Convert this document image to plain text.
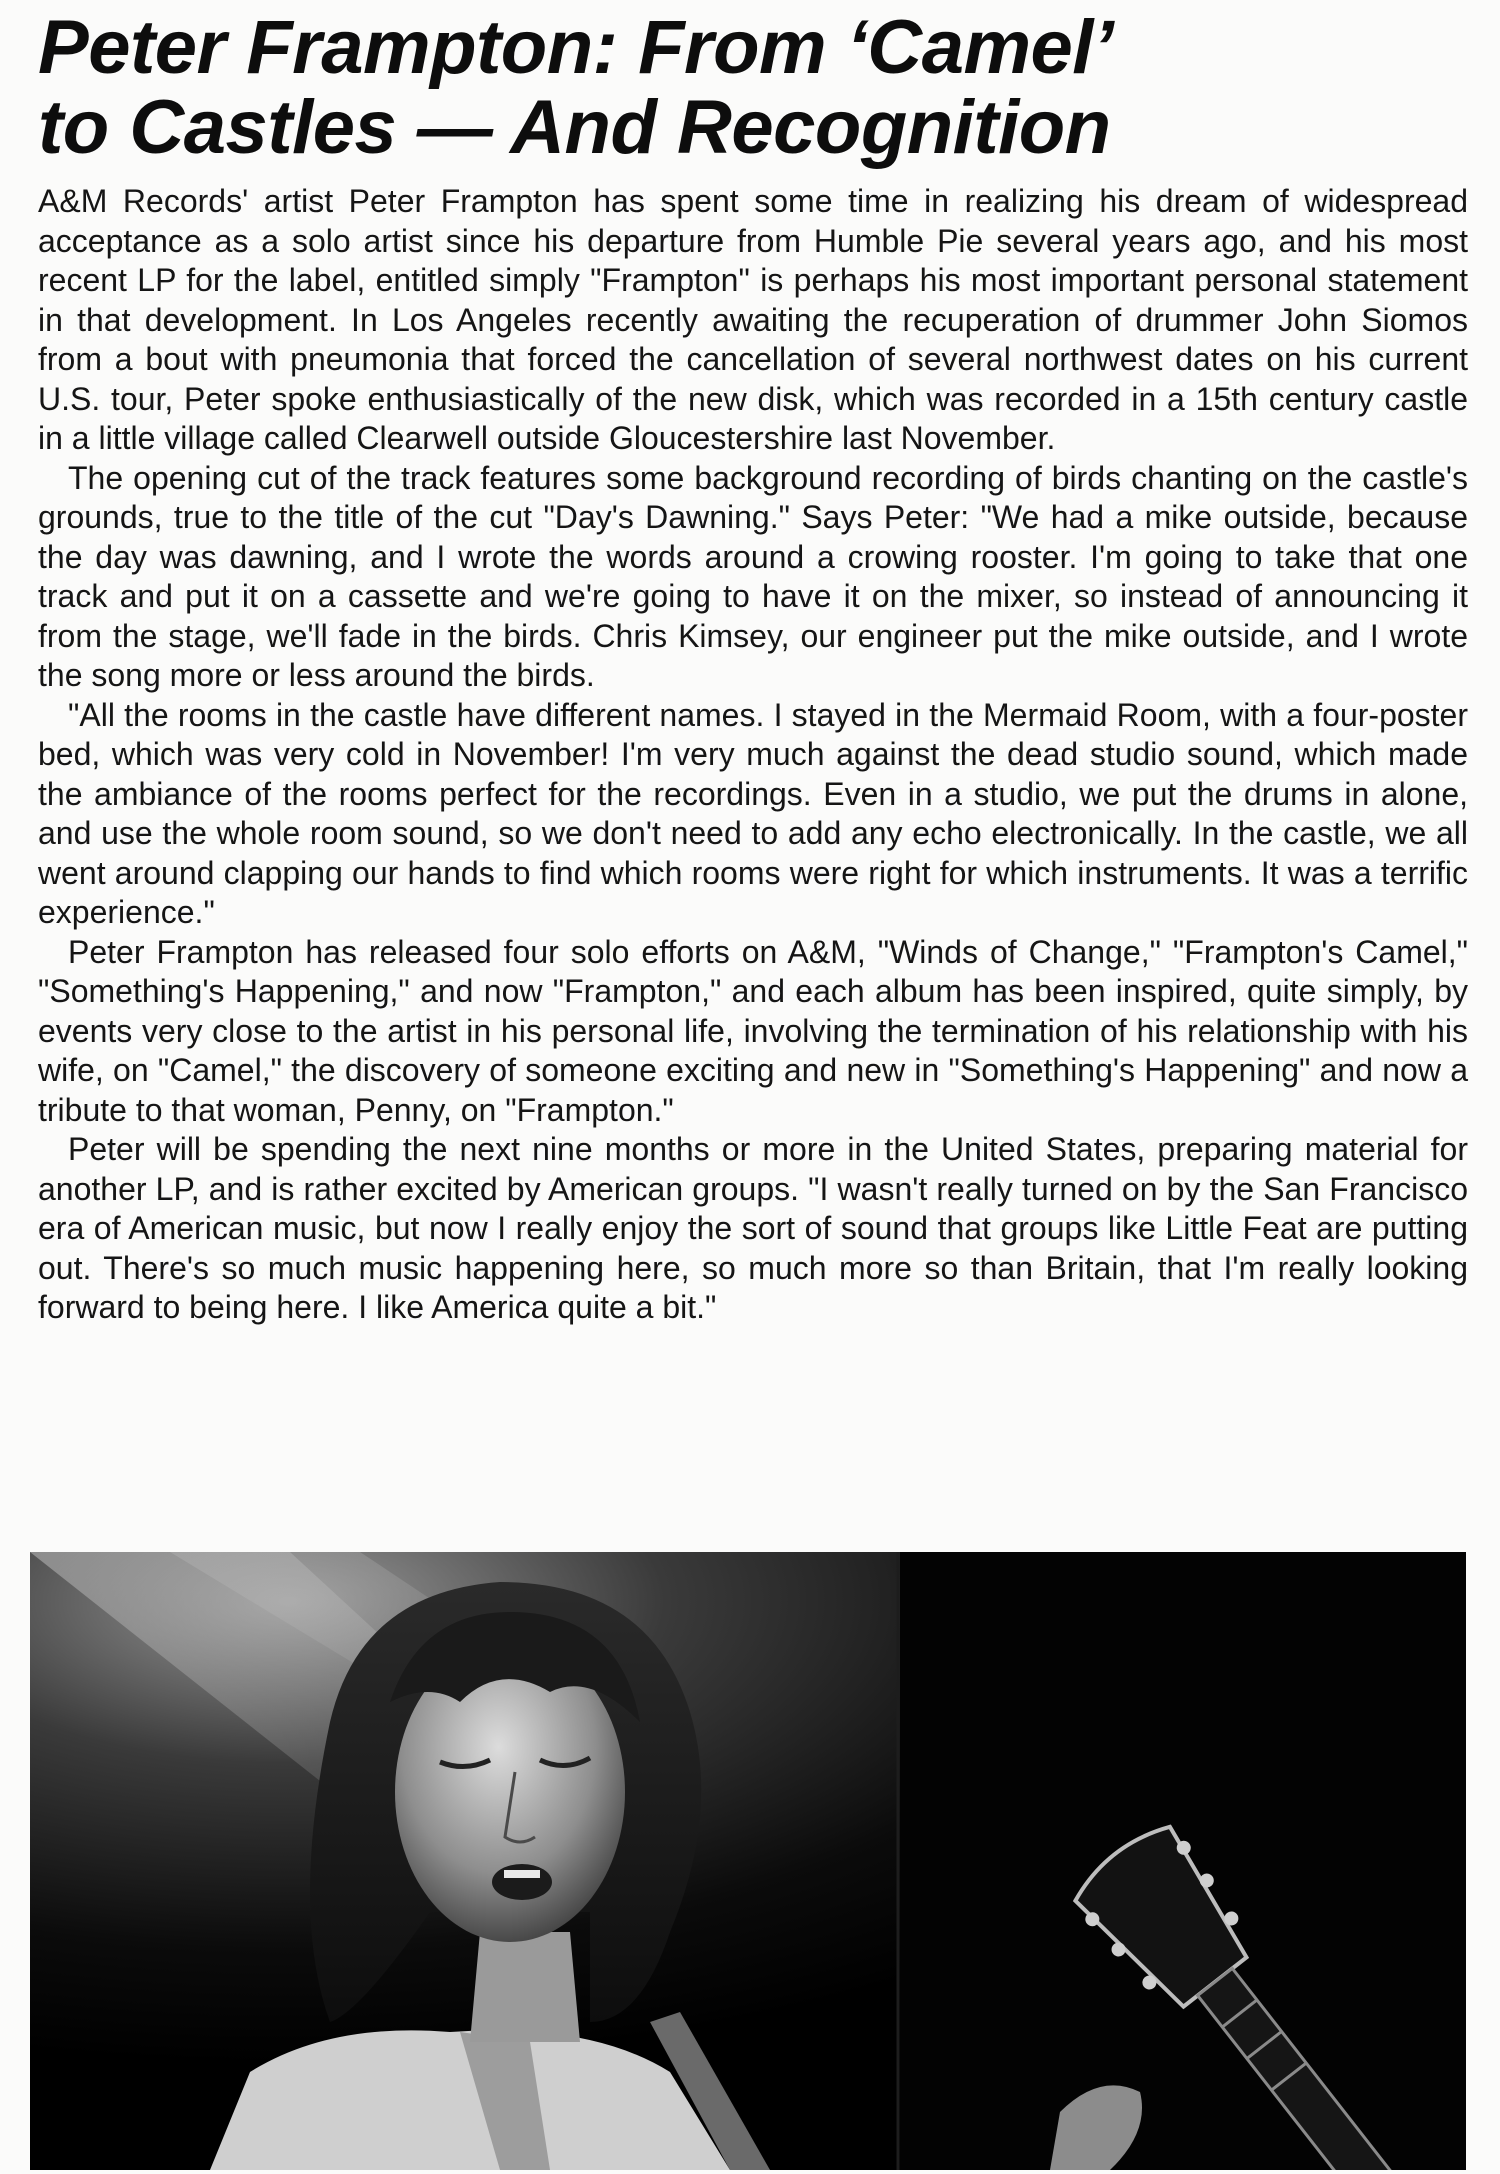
Peter Frampton: From ‘Camel’
to Castles — And Recognition

A&M Records' artist Peter Frampton has spent some time in realizing his dream of widespread acceptance as a solo artist since his departure from Humble Pie several years ago, and his most recent LP for the label, entitled simply "Frampton" is perhaps his most important personal statement in that development. In Los Angeles recently awaiting the recuperation of drummer John Siomos from a bout with pneumonia that forced the cancellation of several northwest dates on his current U.S. tour, Peter spoke enthusiastically of the new disk, which was recorded in a 15th century castle in a little village called Clearwell outside Gloucestershire last November.

The opening cut of the track features some background recording of birds chanting on the castle's grounds, true to the title of the cut "Day's Dawning." Says Peter: "We had a mike outside, because the day was dawning, and I wrote the words around a crowing rooster. I'm going to take that one track and put it on a cassette and we're going to have it on the mixer, so instead of announcing it from the stage, we'll fade in the birds. Chris Kimsey, our engineer put the mike outside, and I wrote the song more or less around the birds.

"All the rooms in the castle have different names. I stayed in the Mermaid Room, with a four-poster bed, which was very cold in November! I'm very much against the dead studio sound, which made the ambiance of the rooms perfect for the recordings. Even in a studio, we put the drums in alone, and use the whole room sound, so we don't need to add any echo electronically. In the castle, we all went around clapping our hands to find which rooms were right for which instruments. It was a terrific experience."

Peter Frampton has released four solo efforts on A&M, "Winds of Change," "Frampton's Camel," "Something's Happening," and now "Frampton," and each album has been inspired, quite simply, by events very close to the artist in his personal life, involving the termination of his relationship with his wife, on "Camel," the discovery of someone exciting and new in "Something's Happening" and now a tribute to that woman, Penny, on "Frampton."

Peter will be spending the next nine months or more in the United States, preparing material for another LP, and is rather excited by American groups. "I wasn't really turned on by the San Francisco era of American music, but now I really enjoy the sort of sound that groups like Little Feat are putting out. There's so much music happening here, so much more so than Britain, that I'm really looking forward to being here. I like America quite a bit."
